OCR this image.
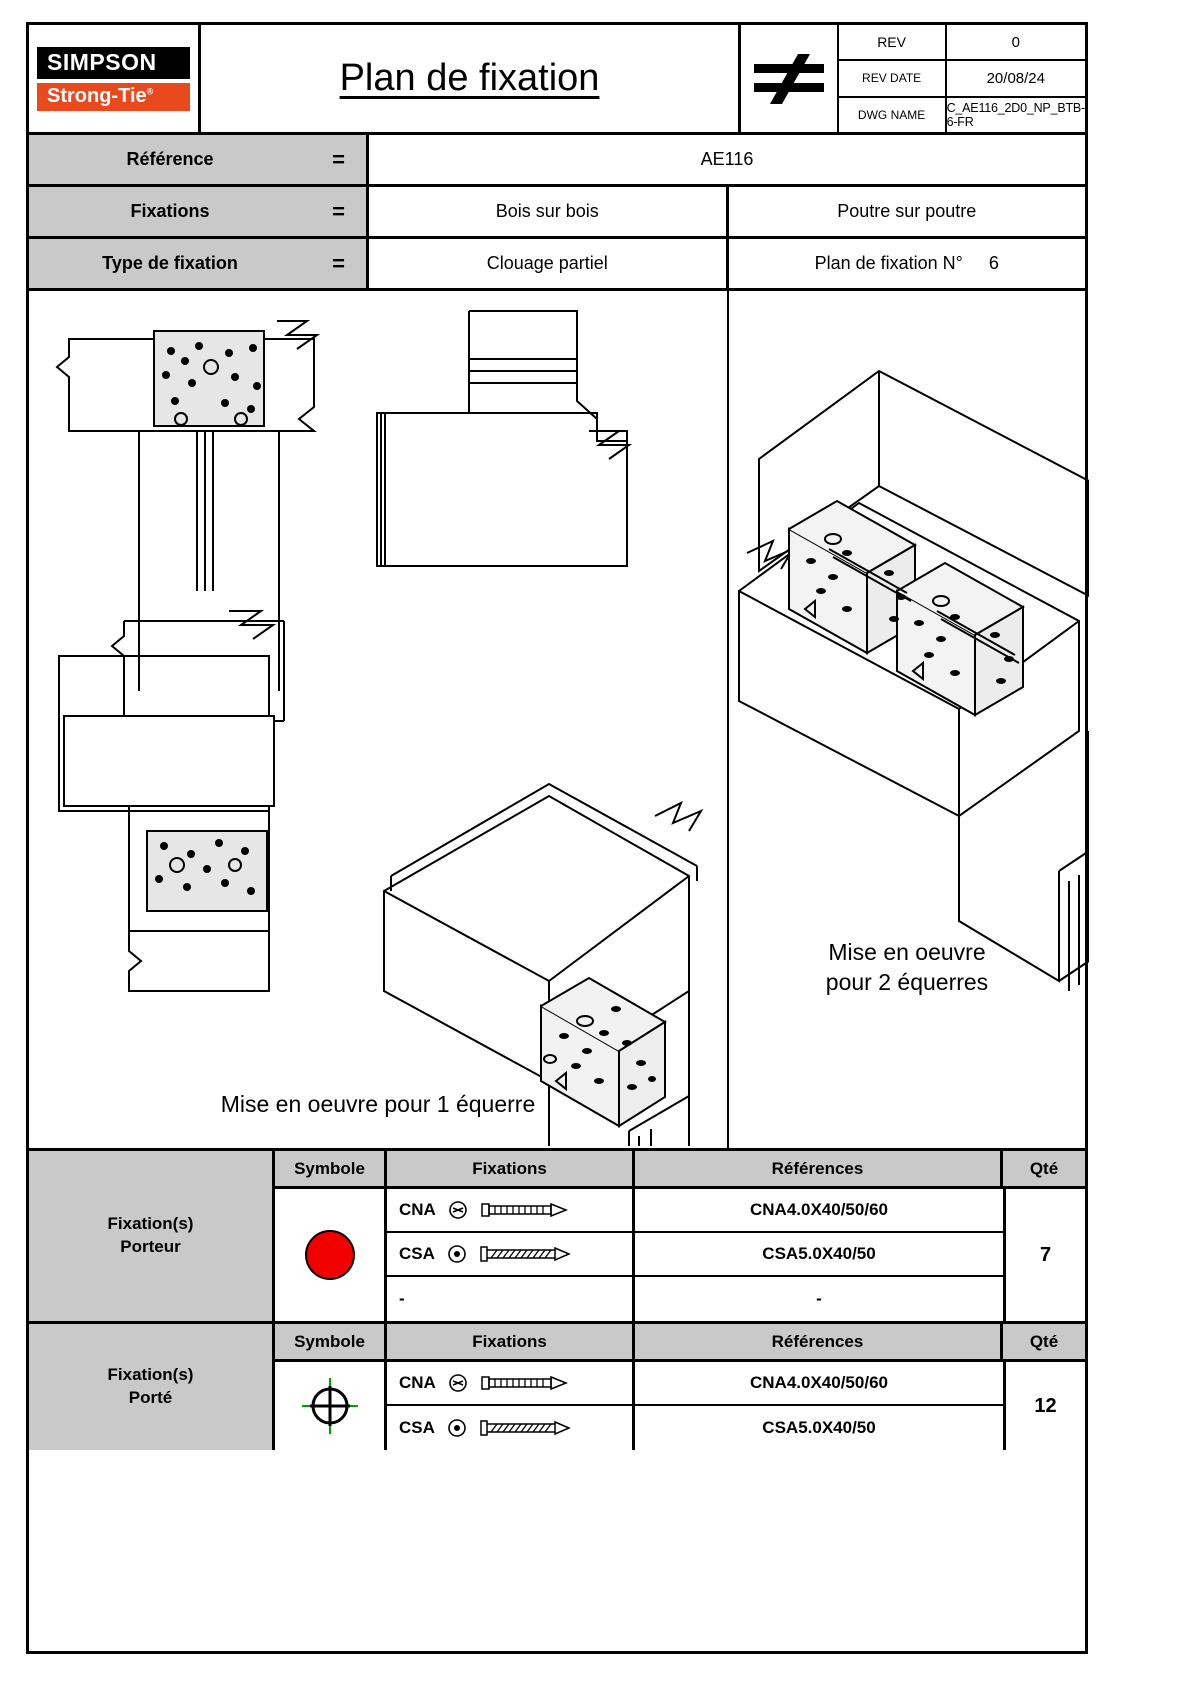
SIMPSON
Strong-Tie®	Plan de fixation
REV	0
REV DATE	20/08/24
DWG NAME	C_AE116_2D0_NP_BTB-6-FR
Référence	=	AE116
Fixations	=	Bois sur bois	Poutre sur poutre
Type de fixation	=	Clouage partiel	Plan de fixation N° 6
Mise en oeuvre pour 1 équerre
Mise en oeuvre
pour 2 équerres
Fixation(s)
Porteur
Symbole	Fixations	Références	Qté
CNA	CNA4.0X40/50/60
CSA	CSA5.0X40/50
-	-
7
Fixation(s)
Porté
Symbole	Fixations	Références	Qté
CNA	CNA4.0X40/50/60
CSA	CSA5.0X40/50
12
